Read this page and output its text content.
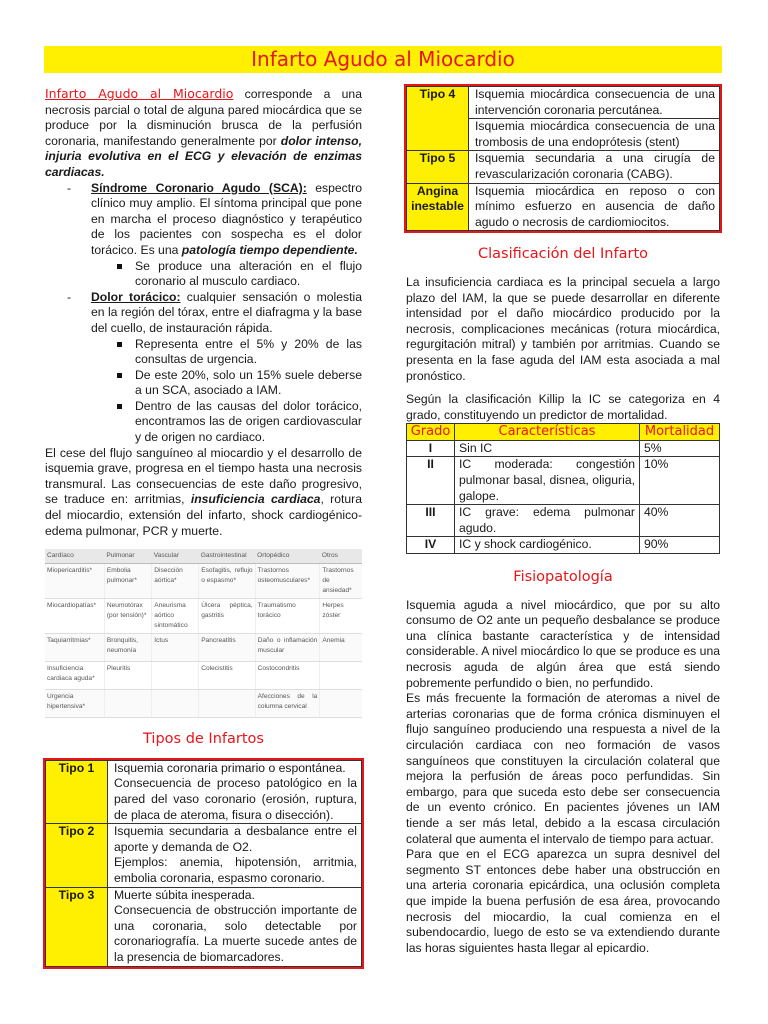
Infarto Agudo al Miocardio

Infarto Agudo al Miocardio corresponde a una necrosis parcial o total de alguna pared miocárdica que se produce por la disminución brusca de la perfusión coronaria, manifestando generalmente por dolor intenso, injuria evolutiva en el ECG y elevación de enzimas cardiacas.

- Síndrome Coronario Agudo (SCA): espectro clínico muy amplio. El síntoma principal que pone en marcha el proceso diagnóstico y terapéutico de los pacientes con sospecha es el dolor torácico. Es una patología tiempo dependiente.
Se produce una alteración en el flujo coronario al musculo cardiaco.
- Dolor torácico: cualquier sensación o molestia en la región del tórax, entre el diafragma y la base del cuello, de instauración rápida.
Representa entre el 5% y 20% de las consultas de urgencia.
De este 20%, solo un 15% suele deberse a un SCA, asociado a IAM.
Dentro de las causas del dolor torácico, encontramos las de origen cardiovascular y de origen no cardiaco.

El cese del flujo sanguíneo al miocardio y el desarrollo de isquemia grave, progresa en el tiempo hasta una necrosis transmural. Las consecuencias de este daño progresivo, se traduce en: arritmias, insuficiencia cardiaca, rotura del miocardio, extensión del infarto, shock cardiogénico-edema pulmonar, PCR y muerte.

Cardíaco	Pulmonar	Vascular	Gastrointestinal	Ortopédico	Otros
Miopericarditis*	Embolia pulmonar*	Disección aórtica*	Esofagitis, reflujo o espasmo*	Trastornos osteomusculares*	Trastornos de ansiedad*
Miocardiopatías*	Neumotórax (por tensión)*	Aneurisma aórtico sintomático	Úlcera péptica, gastritis	Traumatismo torácico	Herpes zóster
Taquiarritmias*	Bronquitis, neumonía	Ictus	Pancreatitis	Daño o inflamación muscular	Anemia
Insuficiencia cardiaca aguda*	Pleuritis		Colecistitis	Costocondritis	
Urgencia hipertensiva*				Afecciones de la columna cervical	
Tipos de Infartos
Tipo 1	Isquemia coronaria primario o espontánea.
Consecuencia de proceso patológico en la pared del vaso coronario (erosión, ruptura, de placa de ateroma, fisura o disección).
Tipo 2	Isquemia secundaria a desbalance entre el aporte y demanda de O2.
Ejemplos: anemia, hipotensión, arritmia, embolia coronaria, espasmo coronario.
Tipo 3	Muerte súbita inesperada.
Consecuencia de obstrucción importante de una coronaria, solo detectable por coronariografía. La muerte sucede antes de la presencia de biomarcadores.
Tipo 4	Isquemia miocárdica consecuencia de una intervención coronaria percutánea.
	Isquemia miocárdica consecuencia de una trombosis de una endoprótesis (stent)
Tipo 5	Isquemia secundaria a una cirugía de revascularización coronaria (CABG).
Angina inestable	Isquemia miocárdica en reposo o con mínimo esfuerzo en ausencia de daño agudo o necrosis de cardiomiocitos.
Clasificación del Infarto

La insuficiencia cardiaca es la principal secuela a largo plazo del IAM, la que se puede desarrollar en diferente intensidad por el daño miocárdico producido por la necrosis, complicaciones mecánicas (rotura miocárdica, regurgitación mitral) y también por arritmias. Cuando se presenta en la fase aguda del IAM esta asociada a mal pronóstico.

Según la clasificación Killip la IC se categoriza en 4 grado, constituyendo un predictor de mortalidad.

Grado	Características	Mortalidad
I	Sin IC	5%
II	IC moderada: congestión pulmonar basal, disnea, oliguria, galope.	10%
III	IC grave: edema pulmonar agudo.	40%
IV	IC y shock cardiogénico.	90%
Fisiopatología

Isquemia aguda a nivel miocárdico, que por su alto consumo de O2 ante un pequeño desbalance se produce una clínica bastante característica y de intensidad considerable. A nivel miocárdico lo que se produce es una necrosis aguda de algún área que está siendo pobremente perfundido o bien, no perfundido.

Es más frecuente la formación de ateromas a nivel de arterias coronarias que de forma crónica disminuyen el flujo sanguíneo produciendo una respuesta a nivel de la circulación cardiaca con neo formación de vasos sanguíneos que constituyen la circulación colateral que mejora la perfusión de áreas poco perfundidas. Sin embargo, para que suceda esto debe ser consecuencia de un evento crónico. En pacientes jóvenes un IAM tiende a ser más letal, debido a la escasa circulación colateral que aumenta el intervalo de tiempo para actuar.

Para que en el ECG aparezca un supra desnivel del segmento ST entonces debe haber una obstrucción en una arteria coronaria epicárdica, una oclusión completa que impide la buena perfusión de esa área, provocando necrosis del miocardio, la cual comienza en el subendocardio, luego de esto se va extendiendo durante las horas siguientes hasta llegar al epicardio.
